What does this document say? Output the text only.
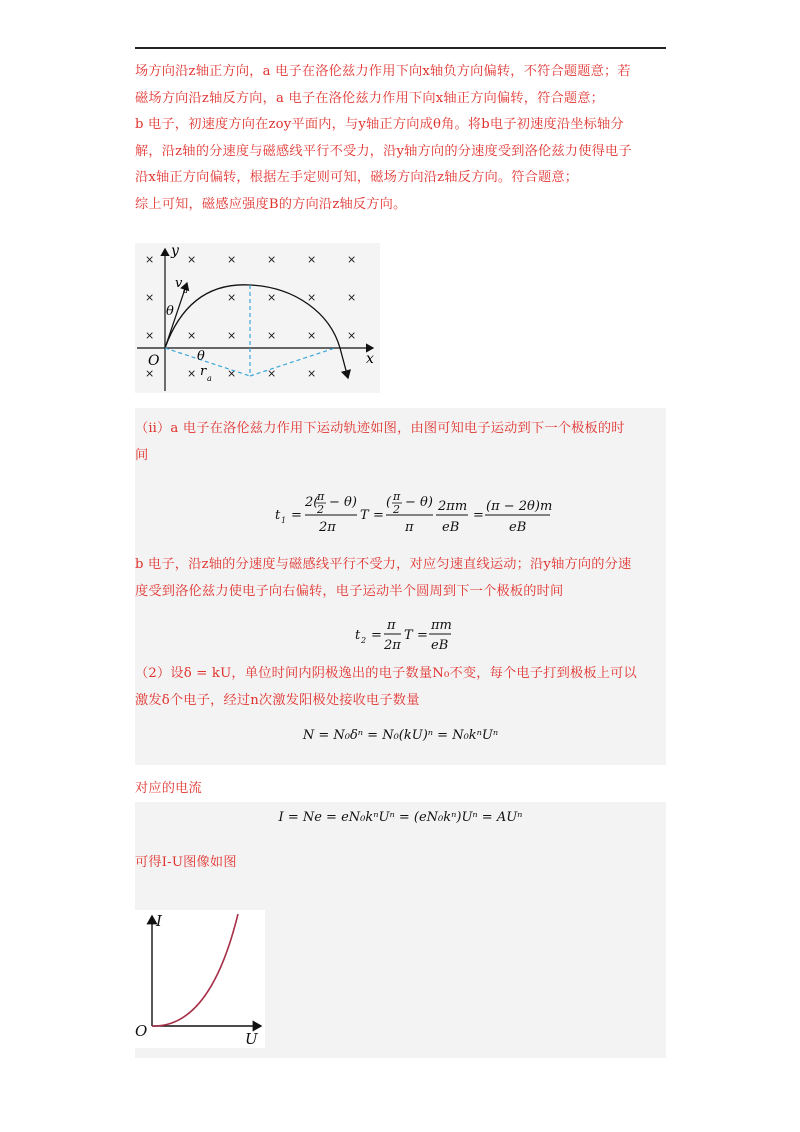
场方向沿z轴正方向，a 电子在洛伦兹力作用下向x轴负方向偏转，不符合题题意；若

磁场方向沿z轴反方向，a 电子在洛伦兹力作用下向x轴正方向偏转，符合题意；

b 电子，初速度方向在zoy平面内，与y轴正方向成θ角。将b电子初速度沿坐标轴分

解，沿z轴的分速度与磁感线平行不受力，沿y轴方向的分速度受到洛伦兹力使得电子

沿x轴正方向偏转，根据左手定则可知，磁场方向沿z轴反方向。符合题意；

综上可知，磁感应强度B的方向沿z轴反方向。

×	×	×	×	×	×
×	×	×	×	×
×	×	×	×	×	×
×	×	×	×	×
y
x
O
v a
θ
θ
r a

（ⅱ）a 电子在洛伦兹力作用下运动轨迹如图，由图可知电子运动到下一个极板的时

间

t 1 =
2(
π
2 − θ)
2π
T =
( π
2 − θ)
π
2πm
eB
=
(π − 2θ)m
eB

b 电子，沿z轴的分速度与磁感线平行不受力，对应匀速直线运动；沿y轴方向的分速

度受到洛伦兹力使电子向右偏转，电子运动半个圆周到下一个极板的时间

t 2 =
π
2π
T =
πm
eB

（2）设δ = kU，单位时间内阴极逸出的电子数量N₀不变，每个电子打到极板上可以

激发δ个电子，经过n次激发阳极处接收电子数量

N = N₀δⁿ = N₀(kU)ⁿ = N₀kⁿUⁿ

对应的电流

I = Ne = eN₀kⁿUⁿ = (eN₀kⁿ)Uⁿ = AUⁿ

可得I-U图像如图

I
U
O
